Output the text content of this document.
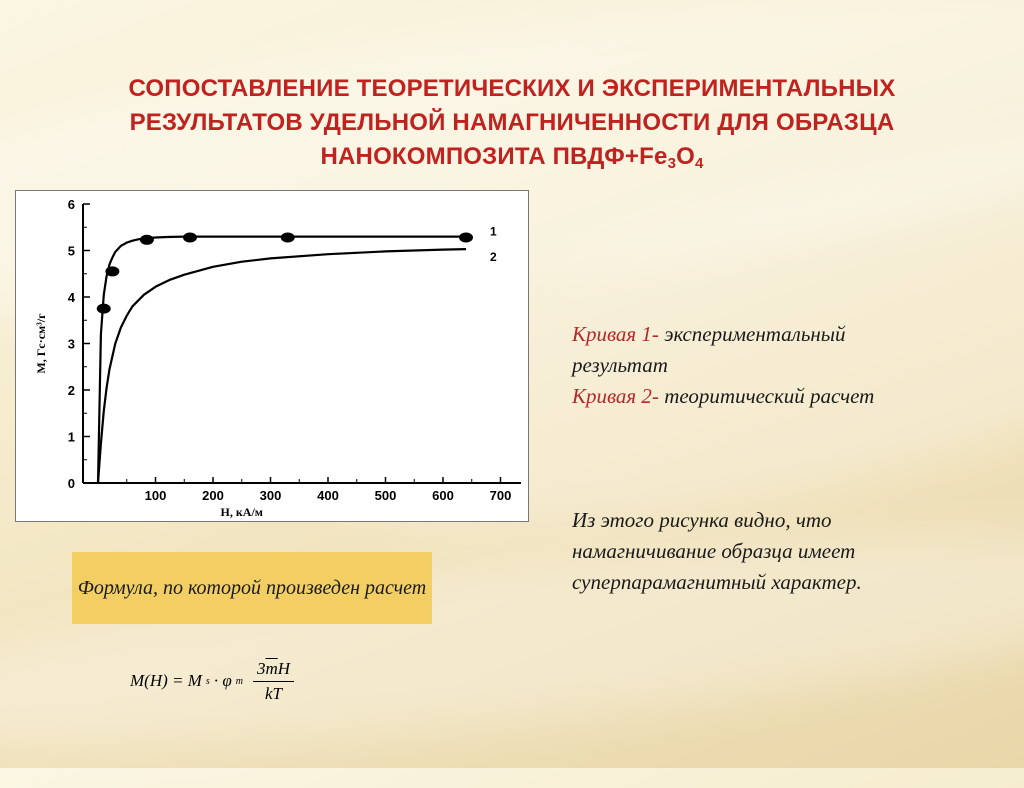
СОПОСТАВЛЕНИЕ ТЕОРЕТИЧЕСКИХ И ЭКСПЕРИМЕНТАЛЬНЫХ РЕЗУЛЬТАТОВ УДЕЛЬНОЙ НАМАГНИЧЕННОСТИ ДЛЯ ОБРАЗЦА НАНОКОМПОЗИТА $ПВДФ+Fe_3O_4$
0
1
2
3
4
5
6
100	200	300	400	500	600	700
H, кА/м
M, Гс·см³/г
1
2
Кривая 1- экспериментальный результат
Кривая 2- теоритический расчет
Из этого рисунка видно, что намагничивание образца имеет суперпарамагнитный характер.
Формула, по которой произведен расчет
M(H) = M s · φ m $\frac{3\overline{m}H}{kT}$
